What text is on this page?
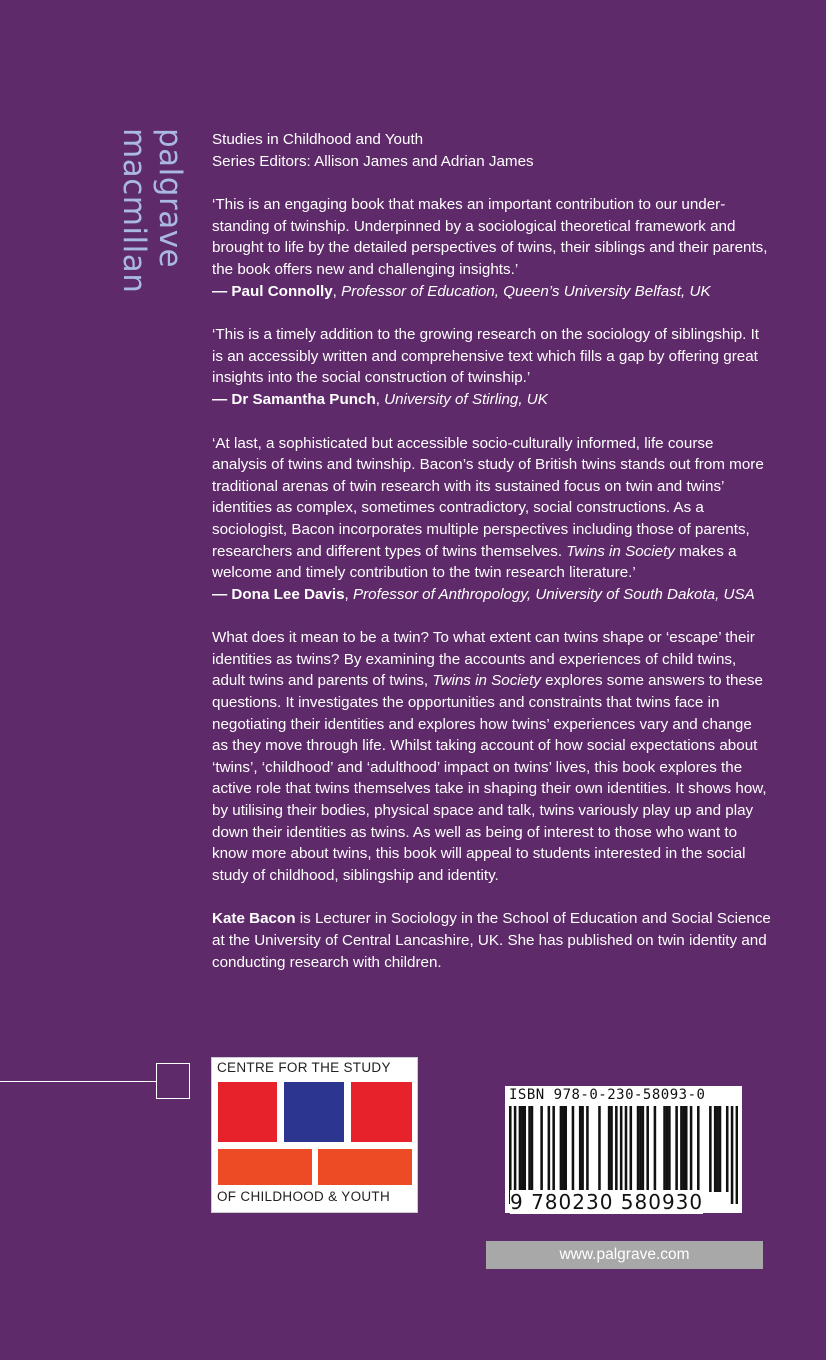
palgrave
macmillan	Studies in Childhood and Youth

Series Editors: Allison James and Adrian James

‘This is an engaging book that makes an important contribution to our understanding of twinship. Underpinned by a sociological theoretical framework and brought to life by the detailed perspectives of twins, their siblings and their parents, the book offers new and challenging insights.’

— Paul Connolly, Professor of Education, Queen’s University Belfast, UK

‘This is a timely addition to the growing research on the sociology of siblingship. It is an accessibly written and comprehensive text which fills a gap by offering great insights into the social construction of twinship.’

— Dr Samantha Punch, University of Stirling, UK

‘At last, a sophisticated but accessible socio-culturally informed, life course analysis of twins and twinship. Bacon’s study of British twins stands out from more traditional arenas of twin research with its sustained focus on twin and twins’ identities as complex, sometimes contradictory, social constructions. As a sociologist, Bacon incorporates multiple perspectives including those of parents, researchers and different types of twins themselves. Twins in Society makes a welcome and timely contribution to the twin research literature.’

— Dona Lee Davis, Professor of Anthropology, University of South Dakota, USA

What does it mean to be a twin? To what extent can twins shape or ‘escape’ their identities as twins? By examining the accounts and experiences of child twins, adult twins and parents of twins, Twins in Society explores some answers to these questions. It investigates the opportunities and constraints that twins face in negotiating their identities and explores how twins’ experiences vary and change as they move through life. Whilst taking account of how social expectations about ‘twins’, ‘childhood’ and ‘adulthood’ impact on twins’ lives, this book explores the active role that twins themselves take in shaping their own identities. It shows how, by utilising their bodies, physical space and talk, twins variously play up and play down their identities as twins. As well as being of interest to those who want to know more about twins, this book will appeal to students interested in the social study of childhood, siblingship and identity.

Kate Bacon is Lecturer in Sociology in the School of Education and Social Science at the University of Central Lancashire, UK. She has published on twin identity and conducting research with children.

CENTRE FOR THE STUDY
OF CHILDHOOD & YOUTH
ISBN 978-0-230-58093-0
9 780230 580930
www.palgrave.com
